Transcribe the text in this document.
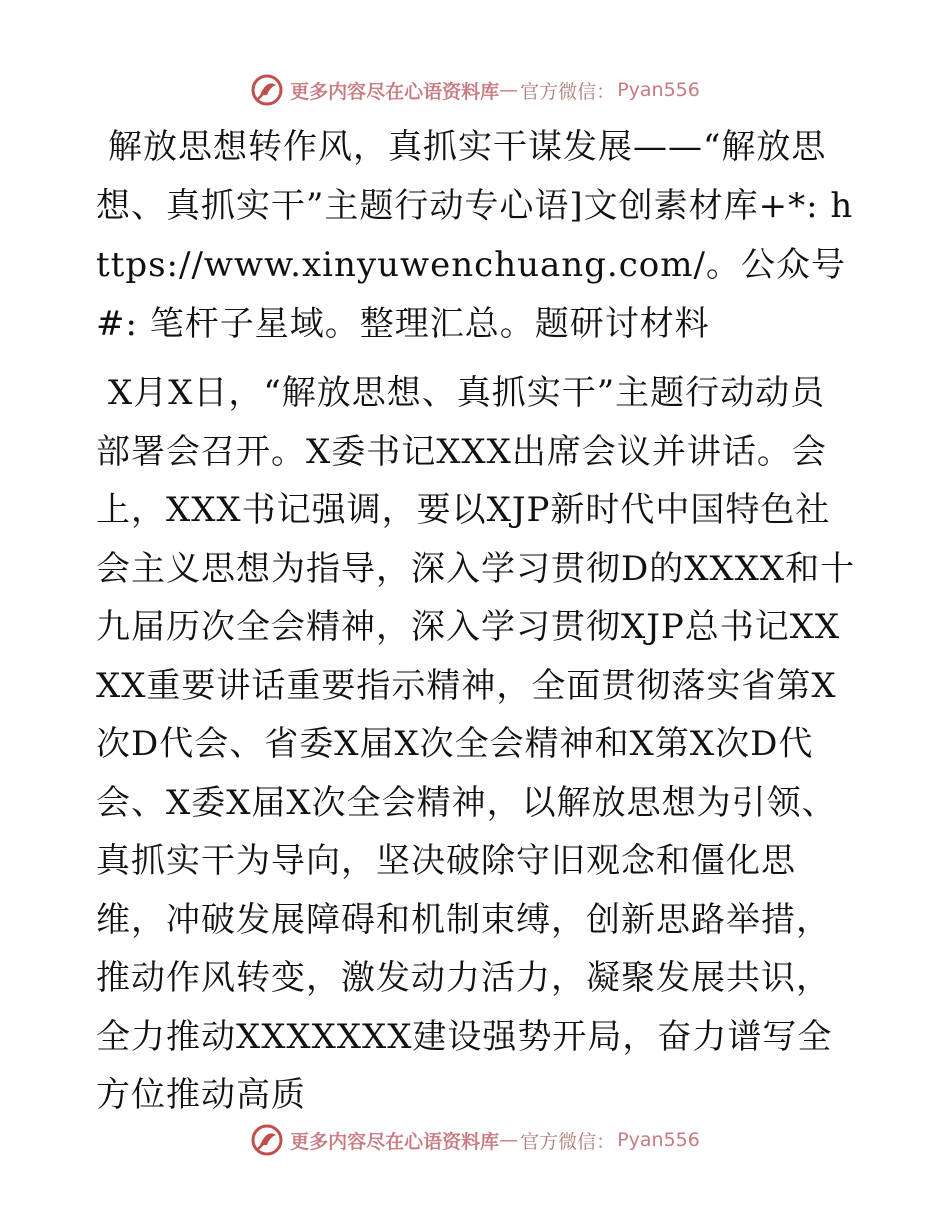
更多内容尽在心语资料库 — 官方微信： Pyan556

解放思想转作风，真抓实干谋发展——“解放思想、真抓实干”主题行动专心语]文创素材库+*: https://www.xinyuwenchuang.com/。公众号#: 笔杆子星域。整理汇总。题研讨材料

X月X日，“解放思想、真抓实干”主题行动动员部署会召开。X委书记XXX出席会议并讲话。会上，XXX书记强调，要以XJP新时代中国特色社会主义思想为指导，深入学习贯彻D的XXXX和十九届历次全会精神，深入学习贯彻XJP总书记XXXX重要讲话重要指示精神，全面贯彻落实省第X次D代会、省委X届X次全会精神和X第X次D代会、X委X届X次全会精神，以解放思想为引领、真抓实干为导向，坚决破除守旧观念和僵化思维，冲破发展障碍和机制束缚，创新思路举措，推动作风转变，激发动力活力，凝聚发展共识，全力推动XXXXXXX建设强势开局，奋力谱写全方位推动高质

更多内容尽在心语资料库 — 官方微信： Pyan556
